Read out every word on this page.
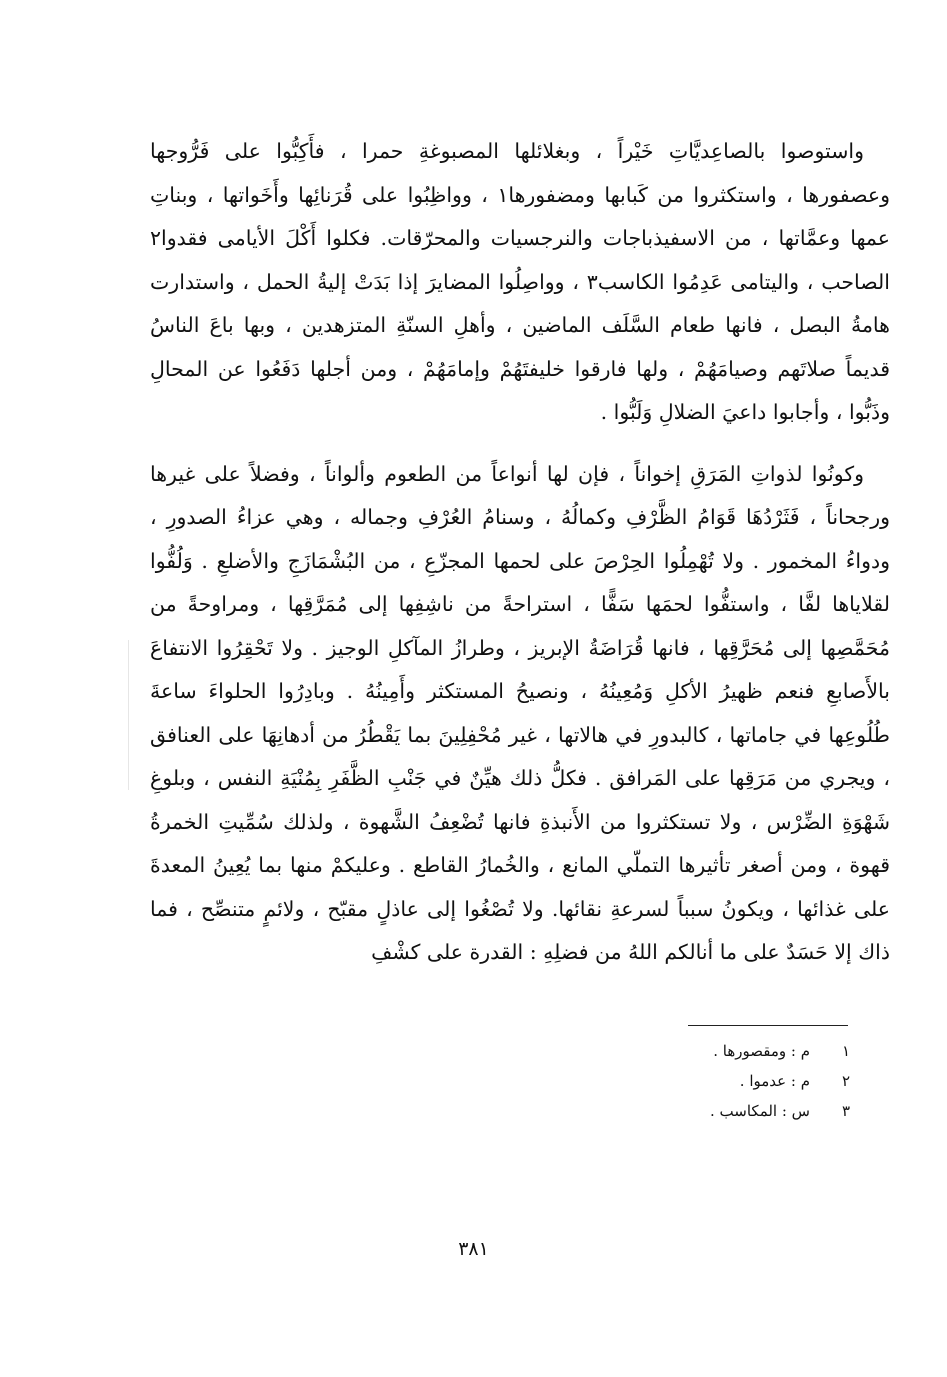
واستوصوا بالصاعِديَّاتِ خَيْراً ، وبغلائلها المصبوغةِ حمرا ، فأَكِبُّوا على فَرُّوجها وعصفورها ، واستكثروا من كَبابها ومضفورها١ ، وواظِبُوا على قُرَنائِها وأَخَواتها ، وبناتِ عمها وعمَّاتها ، من الاسفيذباجات والنرجسيات والمحرّقات. فكلوا أَكْلَ الأيامى فقدوا٢ الصاحب ، واليتامى عَدِمُوا الكاسب٣ ، وواصِلُوا المضايرَ إذا بَدَتْ إليةُ الحمل ، واستدارت هامةُ البصل ، فانها طعام السَّلَف الماضين ، وأهلِ السنّةِ المتزهدين ، وبها باعَ الناسُ قديماً صلاتَهم وصيامَهُمْ ، ولها فارقوا خليفتَهُمْ وإمامَهُمْ ، ومن أجلها دَفَعُوا عن المحالِ وذَبُّوا ، وأجابوا داعيَ الضلالِ وَلَبُّوا .

وكونُوا لذواتِ المَرَقِ إخواناً ، فإن لها أنواعاً من الطعوم وألواناً ، وفضلاً على غيرها ورجحاناً ، فَثَرْدُهَا قَوَامُ الظَّرْفِ وكمالُهُ ، وسنامُ العُرْفِ وجماله ، وهي عزاءُ الصدورِ ، ودواءُ المخمور . ولا تُهْمِلُوا الحِرْصَ على لحمها المجزّعِ ، من البُشْمَازَجِ والأضلعِ . وَلُفُّوا لقلاياها لفَّا ، واستفُّوا لحمَها سَفًّا ، استراحةً من ناشِفِها إلى مُمَرَّقِها ، ومراوحةً من مُحَمَّصِها إلى مُحَرَّقِها ، فانها قُرَاضَةُ الإبريز ، وطرازُ المآكلِ الوجيز . ولا تَحْقِرُوا الانتفاعَ بالأَصابعِ فنعم ظهيرُ الأكلِ وَمُعِينُهُ ، ونصيحُ المستكثر وأَمِينُهُ . وبادِرُوا الحلواءَ ساعةَ طُلُوعِها في جاماتها ، كالبدورِ في هالاتها ، غير مُحْفِلِينَ بما يَقْطُرُ من أدهانِهَا على العنافق ، ويجري من مَرَقِها على المَرافق . فكلُّ ذلك هيِّنٌ في جَنْبِ الظَّفَرِ بِمُنْيَةِ النفس ، وبلوغِ شَهْوَةِ الضِّرْس ، ولا تستكثروا من الأَنبذةِ فانها تُضْعِفُ الشَّهوة ، ولذلك سُمِّيتِ الخمرةُ قهوة ، ومن أصغر تأثيرها التملّي المانع ، والخُمارُ القاطع . وعليكمْ منها بما يُعِينُ المعدةَ على غذائها ، ويكونُ سبباً لسرعةِ نقائها. ولا تُصْغُوا إلى عاذلٍ مقبّح ، ولائمٍ متنصِّح ، فما ذاك إلا حَسَدٌ على ما أنالكم اللهُ من فضلِهِ : القدرة على كشْفِ

١م : ومقصورها .
٢م : عدموا .
٣س : المكاسب .
٣٨١
